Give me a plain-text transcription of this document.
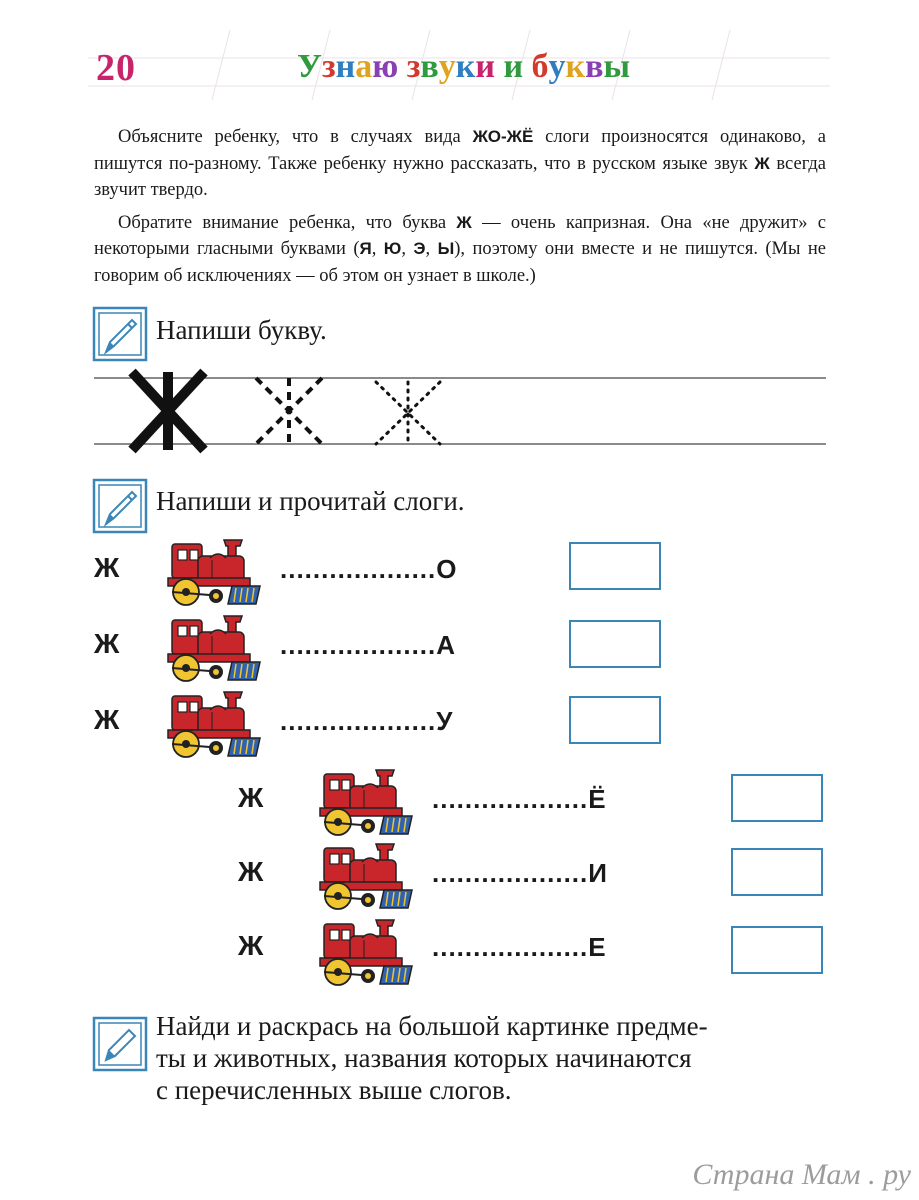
20	Узнаю звуки и буквы

Объясните ребенку, что в случаях вида ЖО-ЖЁ слоги произносятся одинаково, а пишутся по-разному. Также ребенку нужно рассказать, что в русском языке звук Ж всегда звучит твердо.

Обратите внимание ребенка, что буква Ж — очень капризная. Она «не дружит» с некоторыми гласными буквами (Я, Ю, Э, Ы), поэтому они вместе и не пишутся. (Мы не говорим об исключениях — об этом он узнает в школе.)

Напиши букву.
Напиши и прочитай слоги.
Ж	...................О
Ж	...................А
Ж	...................У
Ж	...................Ё
Ж	...................И
Ж	...................Е
Найди и раскрась на большой картинке предме-
ты и животных, названия которых начинаются
с перечисленных выше слогов.
Страна Мам . ру
